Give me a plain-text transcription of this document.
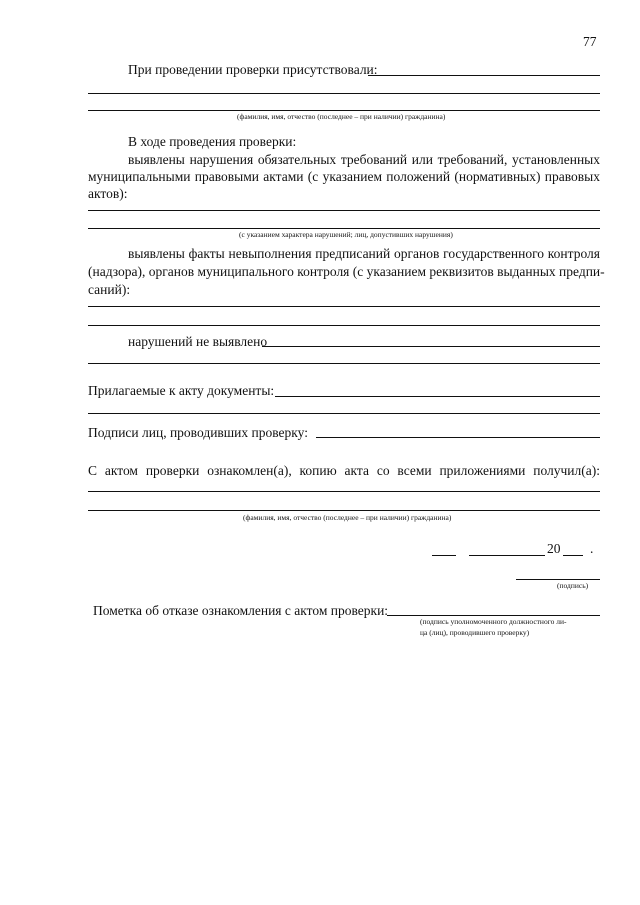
77
При проведении проверки присутствовали:
(фамилия, имя, отчество (последнее – при наличии) гражданина)
В ходе проведения проверки:
выявлены нарушения обязательных требований или требований, установленных
муниципальными правовыми актами (с указанием положений (нормативных) правовых
актов):
(с указанием характера нарушений; лиц, допустивших нарушения)
выявлены факты невыполнения предписаний органов государственного контроля
(надзора), органов муниципального контроля (с указанием реквизитов выданных предпи-
саний):
нарушений не выявлено
Прилагаемые к акту документы:
Подписи лиц, проводивших проверку:
С актом проверки ознакомлен(а), копию акта со всеми приложениями получил(а):
(фамилия, имя, отчество (последнее – при наличии) гражданина)
20 .
(подпись)
Пометка об отказе ознакомления с актом проверки:
(подпись уполномоченного должностного ли-
ца (лиц), проводившего проверку)
